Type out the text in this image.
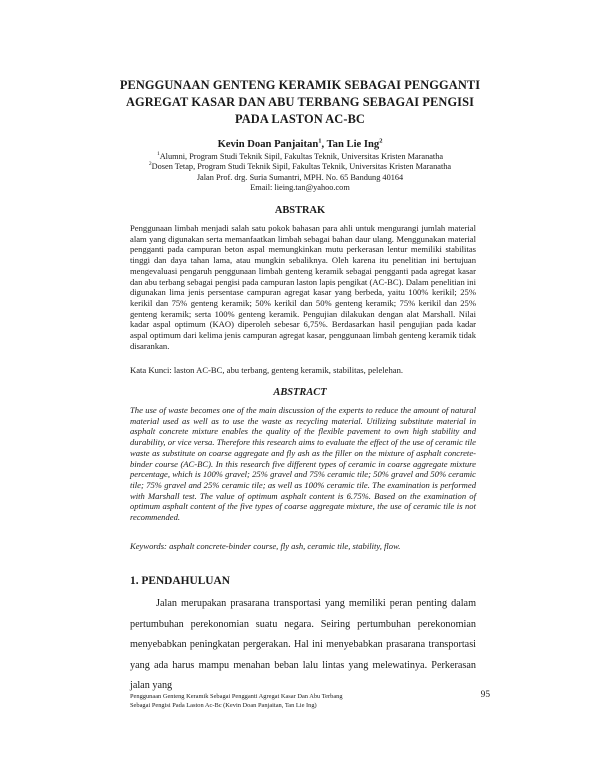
PENGGUNAAN GENTENG KERAMIK SEBAGAI PENGGANTI
AGREGAT KASAR DAN ABU TERBANG SEBAGAI PENGISI
PADA LASTON AC-BC
Kevin Doan Panjaitan$^1$, Tan Lie Ing$^2$
$^1$Alumni, Program Studi Teknik Sipil, Fakultas Teknik, Universitas Kristen Maranatha
$^2$Dosen Tetap, Program Studi Teknik Sipil, Fakultas Teknik, Universitas Kristen Maranatha
Jalan Prof. drg. Suria Sumantri, MPH. No. 65 Bandung 40164
Email: lieing.tan@yahoo.com
ABSTRAK
Penggunaan limbah menjadi salah satu pokok bahasan para ahli untuk mengurangi jumlah material alam yang digunakan serta memanfaatkan limbah sebagai bahan daur ulang. Menggunakan material pengganti pada campuran beton aspal memungkinkan mutu perkerasan lentur memiliki stabilitas tinggi dan daya tahan lama, atau mungkin sebaliknya. Oleh karena itu penelitian ini bertujuan mengevaluasi pengaruh penggunaan limbah genteng keramik sebagai pengganti pada agregat kasar dan abu terbang sebagai pengisi pada campuran laston lapis pengikat (AC-BC). Dalam penelitian ini digunakan lima jenis persentase campuran agregat kasar yang berbeda, yaitu 100% kerikil; 25% kerikil dan 75% genteng keramik; 50% kerikil dan 50% genteng keramik; 75% kerikil dan 25% genteng keramik; serta 100% genteng keramik. Pengujian dilakukan dengan alat Marshall. Nilai kadar aspal optimum (KAO) diperoleh sebesar 6,75%. Berdasarkan hasil pengujian pada kadar aspal optimum dari kelima jenis campuran agregat kasar, penggunaan limbah genteng keramik tidak disarankan.
Kata Kunci: laston AC-BC, abu terbang, genteng keramik, stabilitas, pelelehan.
ABSTRACT
The use of waste becomes one of the main discussion of the experts to reduce the amount of natural material used as well as to use the waste as recycling material. Utilizing substitute material in asphalt concrete mixture enables the quality of the flexible pavement to own high stability and durability, or vice versa. Therefore this research aims to evaluate the effect of the use of ceramic tile waste as substitute on coarse aggregate and fly ash as the filler on the mixture of asphalt concrete-binder course (AC-BC). In this research five different types of ceramic in coarse aggregate mixture percentage, which is 100% gravel; 25% gravel and 75% ceramic tile; 50% gravel and 50% ceramic tile; 75% gravel and 25% ceramic tile; as well as 100% ceramic tile. The examination is performed with Marshall test. The value of optimum asphalt content is 6.75%. Based on the examination of optimum asphalt content of the five types of coarse aggregate mixture, the use of ceramic tile is not recommended.
Keywords: asphalt concrete-binder course, fly ash, ceramic tile, stability, flow.
1. PENDAHULUAN
Jalan merupakan prasarana transportasi yang memiliki peran penting dalam pertumbuhan perekonomian suatu negara. Seiring pertumbuhan perekonomian menyebabkan peningkatan pergerakan. Hal ini menyebabkan prasarana transportasi yang ada harus mampu menahan beban lalu lintas yang melewatinya. Perkerasan jalan yang
Penggunaan Genteng Keramik Sebagai Pengganti Agregat Kasar Dan Abu Terbang
Sebagai Pengisi Pada Laston Ac-Bc (Kevin Doan Panjaitan, Tan Lie Ing)
95
